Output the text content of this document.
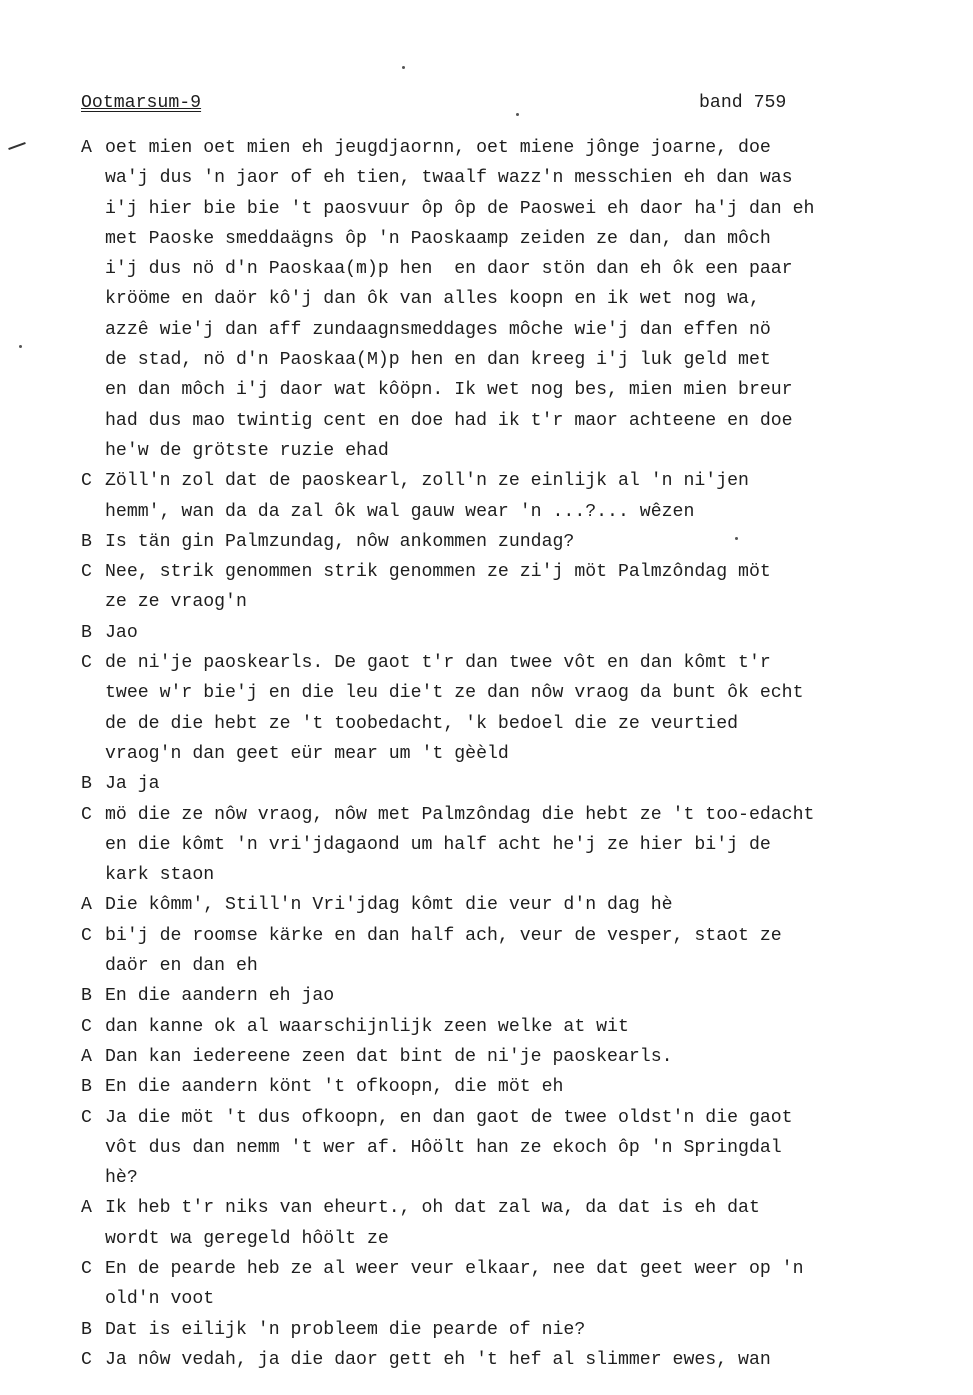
Ootmarsum-9	band 759
A oet mien oet mien eh jeugdjaornn, oet miene jônge joarne, doe
wa'j dus 'n jaor of eh tien, twaalf wazz'n messchien eh dan was
i'j hier bie bie 't paosvuur ôp ôp de Paoswei eh daor ha'j dan eh
met Paoske smeddaägns ôp 'n Paoskaamp zeiden ze dan, dan môch
i'j dus nö d'n Paoskaa(m)p hen  en daor stön dan eh ôk een paar
krööme en daör kô'j dan ôk van alles koopn en ik wet nog wa,
azzê wie'j dan aff zundaagnsmeddages môche wie'j dan effen nö
de stad, nö d'n Paoskaa(M)p hen en dan kreeg i'j luk geld met
en dan môch i'j daor wat kôöpn. Ik wet nog bes, mien mien breur
had dus mao twintig cent en doe had ik t'r maor achteene en doe
he'w de grötste ruzie ehad
C Zöll'n zol dat de paoskearl, zoll'n ze einlijk al 'n ni'jen
hemm', wan da da zal ôk wal gauw wear 'n ...?... wêzen
B Is tän gin Palmzundag, nôw ankommen zundag?
C Nee, strik genommen strik genommen ze zi'j möt Palmzôndag möt
ze ze vraog'n
B Jao
C de ni'je paoskearls. De gaot t'r dan twee vôt en dan kômt t'r
twee w'r bie'j en die leu die't ze dan nôw vraog da bunt ôk echt
de de die hebt ze 't toobedacht, 'k bedoel die ze veurtied
vraog'n dan geet eür mear um 't gèèld
B Ja ja
C mö die ze nôw vraog, nôw met Palmzôndag die hebt ze 't too-edacht
en die kômt 'n vri'jdagaond um half acht he'j ze hier bi'j de
kark staon
A Die kômm', Still'n Vri'jdag kômt die veur d'n dag hè
C bi'j de roomse kärke en dan half ach, veur de vesper, staot ze
daör en dan eh
B En die aandern eh jao
C dan kanne ok al waarschijnlijk zeen welke at wit
A Dan kan iedereene zeen dat bint de ni'je paoskearls.
B En die aandern könt 't ofkoopn, die möt eh
C Ja die möt 't dus ofkoopn, en dan gaot de twee oldst'n die gaot
vôt dus dan nemm 't wer af. Hôölt han ze ekoch ôp 'n Springdal
hè?
A Ik heb t'r niks van eheurt., oh dat zal wa, da dat is eh dat
wordt wa geregeld hôölt ze
C En de pearde heb ze al weer veur elkaar, nee dat geet weer op 'n
old'n voot
B Dat is eilijk 'n probleem die pearde of nie?
C Ja nôw vedah, ja die daor gett eh 't hef al slimmer ewes, wan
